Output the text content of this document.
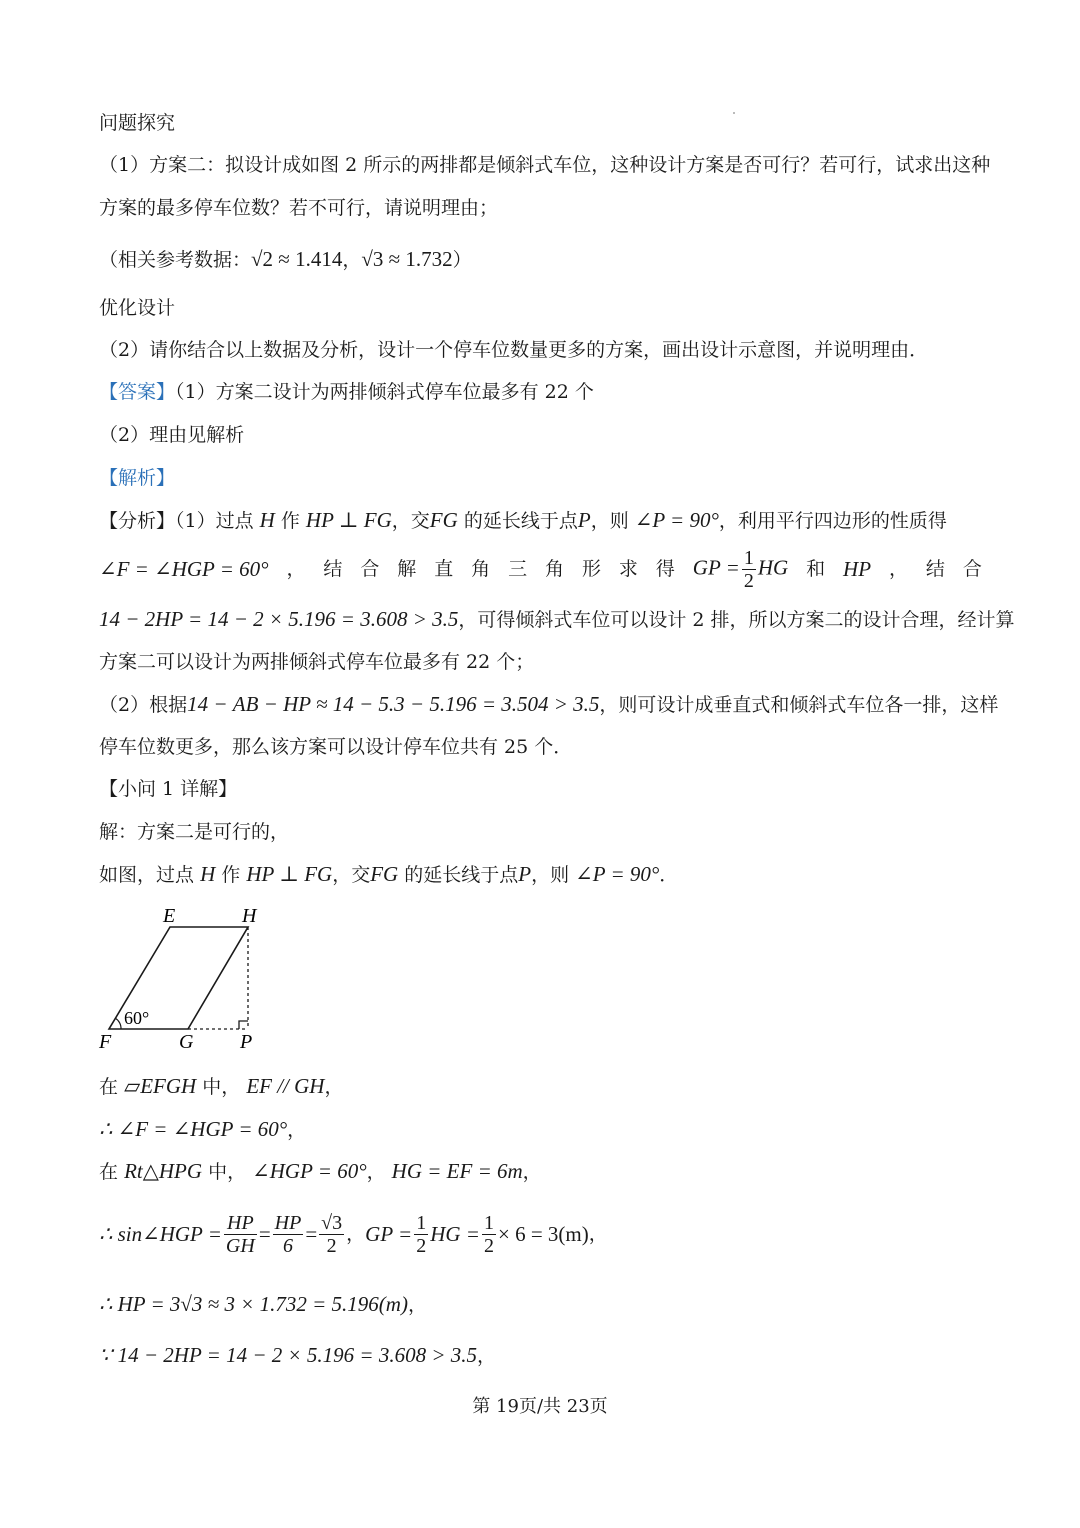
问题探究
（1）方案二：拟设计成如图 2 所示的两排都是倾斜式车位，这种设计方案是否可行？若可行，试求出这种
方案的最多停车位数？若不可行，请说明理由；
（相关参考数据：√2 ≈ 1.414，√3 ≈ 1.732）
优化设计
（2）请你结合以上数据及分析，设计一个停车位数量更多的方案，画出设计示意图，并说明理由．
【答案】（1）方案二设计为两排倾斜式停车位最多有 22 个
（2）理由见解析
【解析】
【分析】（1）过点 H 作 HP ⊥ FG，交FG 的延长线于点P，则 ∠P = 90°，利用平行四边形的性质得
∠F = ∠HGP = 60° ， 结 合 解 直 角 三 角 形 求 得 GP = $\frac{1}{2}$ HG 和 HP ， 结 合
14 − 2HP = 14 − 2 × 5.196 = 3.608 > 3.5，可得倾斜式车位可以设计 2 排，所以方案二的设计合理，经计算
方案二可以设计为两排倾斜式停车位最多有 22 个；
（2）根据14 − AB − HP ≈ 14 − 5.3 − 5.196 = 3.504 > 3.5，则可设计成垂直式和倾斜式车位各一排，这样
停车位数更多，那么该方案可以设计停车位共有 25 个．
【小问 1 详解】
解：方案二是可行的，
如图，过点 H 作 HP ⊥ FG，交FG 的延长线于点P，则 ∠P = 90°．
E	H
F	G P
60°
在 ▱EFGH 中， EF // GH，
∴ ∠F = ∠HGP = 60°，
在 Rt△HPG 中， ∠HGP = 60°， HG = EF = 6m，
∴ sin∠HGP = $\frac{HP}{GH} = \frac{HP}{6} = \frac{√3}{2}$ ， GP = $\frac{1}{2}$ HG = $\frac{1}{2} \times 6 = 3(m)$ ，
∴ HP = 3√3 ≈ 3 × 1.732 = 5.196(m)，
∵ 14 − 2HP = 14 − 2 × 5.196 = 3.608 > 3.5，
第 19页/共 23页
